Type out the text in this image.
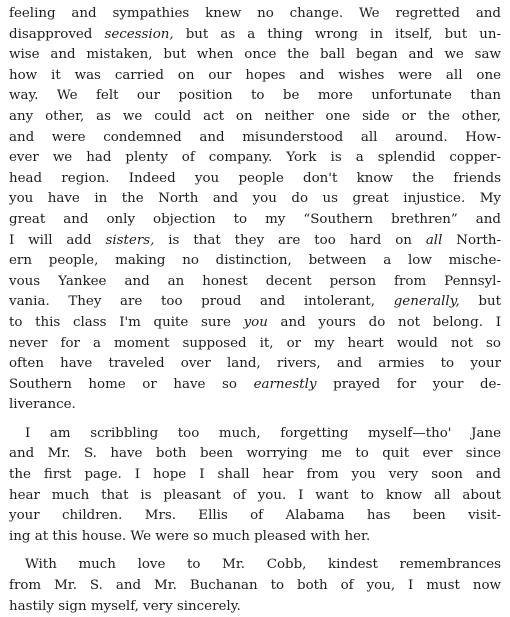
feeling and sympathies knew no change. We regretted and
disapproved secession, but as a thing wrong in itself, but un-
wise and mistaken, but when once the ball began and we saw
how it was carried on our hopes and wishes were all one
way. We felt our position to be more unfortunate than
any other, as we could act on neither one side or the other,
and were condemned and misunderstood all around. How-
ever we had plenty of company. York is a splendid copper-
head region. Indeed you people don't know the friends
you have in the North and you do us great injustice. My
great and only objection to my “Southern brethren” and
I will add sisters, is that they are too hard on all North-
ern people, making no distinction, between a low mische-
vous Yankee and an honest decent person from Pennsyl-
vania. They are too proud and intolerant, generally, but
to this class I'm quite sure you and yours do not belong. I
never for a moment supposed it, or my heart would not so
often have traveled over land, rivers, and armies to your
Southern home or have so earnestly prayed for your de-
liverance.
I am scribbling too much, forgetting myself—tho' Jane
and Mr. S. have both been worrying me to quit ever since
the first page. I hope I shall hear from you very soon and
hear much that is pleasant of you. I want to know all about
your children. Mrs. Ellis of Alabama has been visit-
ing at this house. We were so much pleased with her.
With much love to Mr. Cobb, kindest remembrances
from Mr. S. and Mr. Buchanan to both of you, I must now
hastily sign myself, very sincerely.
